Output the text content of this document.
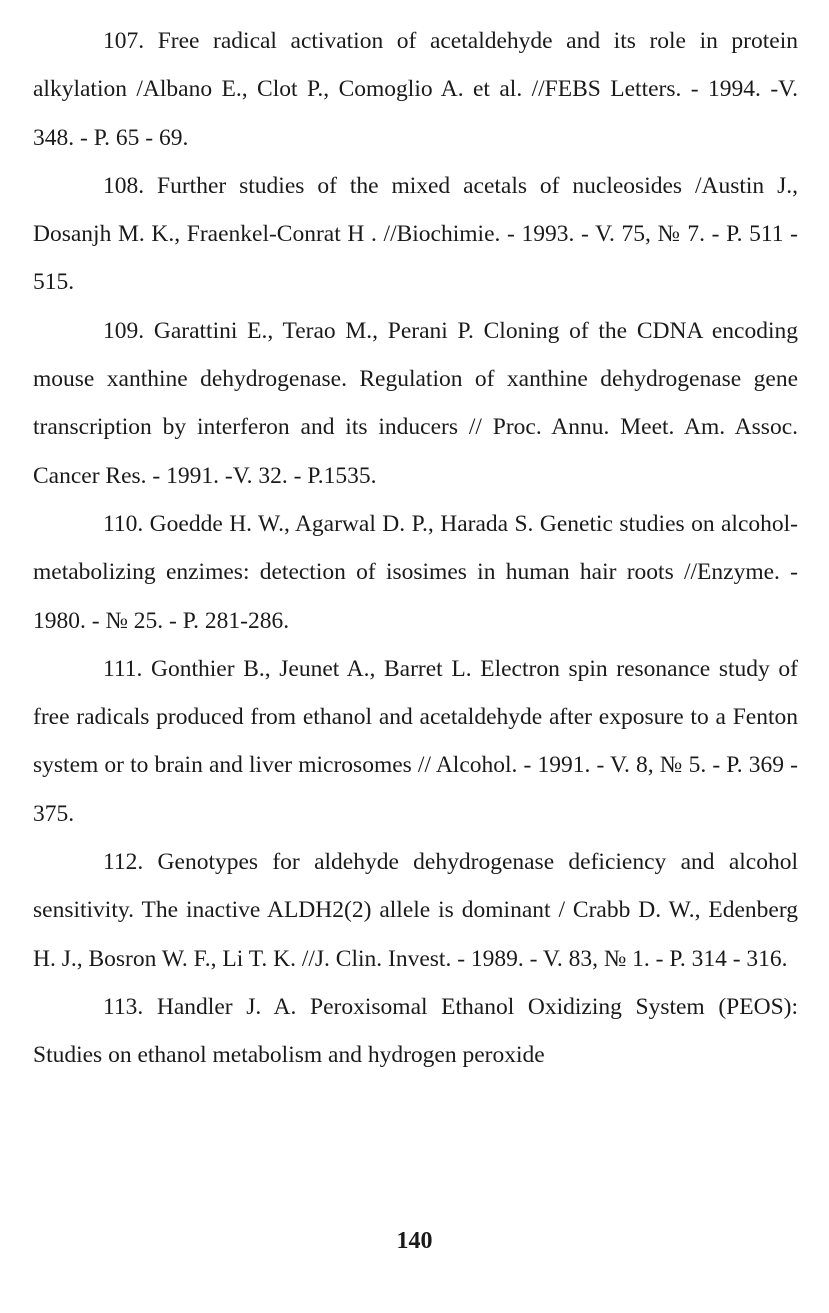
107. Free radical activation of acetaldehyde and its role in protein alkylation /Albano E., Clot P., Comoglio A. et al. //FEBS Letters. - 1994. -V. 348. - P. 65 - 69.

108. Further studies of the mixed acetals of nucleosides /Austin J., Dosanjh M. K., Fraenkel-Conrat H . //Biochimie. - 1993. - V. 75, № 7. - P. 511 - 515.

109. Garattini E., Terao M., Perani P. Cloning of the CDNA encoding mouse xanthine dehydrogenase. Regulation of xanthine dehydrogenase gene transcription by interferon and its inducers // Proc. Annu. Meet. Am. Assoc. Cancer Res. - 1991. -V. 32. - P.1535.

110. Goedde H. W., Agarwal D. P., Harada S. Genetic studies on alcohol-metabolizing enzimes: detection of isosimes in human hair roots //Enzyme. - 1980. - № 25. - P. 281-286.

111. Gonthier B., Jeunet A., Barret L. Electron spin resonance study of free radicals produced from ethanol and acetaldehyde after exposure to a Fenton system or to brain and liver microsomes // Alcohol. - 1991. - V. 8, № 5. - P. 369 - 375.

112. Genotypes for aldehyde dehydrogenase deficiency and alcohol sensitivity. The inactive ALDH2(2) allele is dominant / Crabb D. W., Edenberg H. J., Bosron W. F., Li T. K. //J. Clin. Invest. - 1989. - V. 83, № 1. - P. 314 - 316.

113. Handler J. A. Peroxisomal Ethanol Oxidizing System (PEOS): Studies on ethanol metabolism and hydrogen peroxide

140
